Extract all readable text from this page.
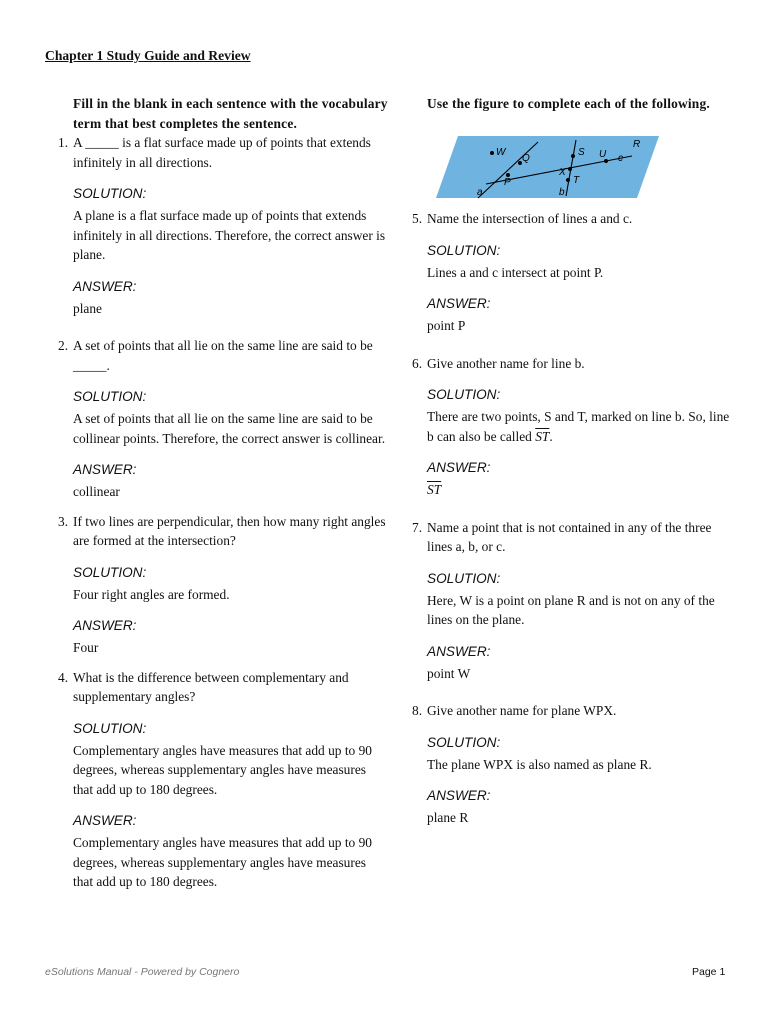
Chapter 1 Study Guide and Review
Fill in the blank in each sentence with the vocabulary term that best completes the sentence.
1. A _____ is a flat surface made up of points that extends infinitely in all directions.
SOLUTION:
A plane is a flat surface made up of points that extends infinitely in all directions. Therefore, the correct answer is plane.
ANSWER:
plane
2. A set of points that all lie on the same line are said to be _____.
SOLUTION:
A set of points that all lie on the same line are said to be collinear points. Therefore, the correct answer is collinear.
ANSWER:
collinear
3. If two lines are perpendicular, then how many right angles are formed at the intersection?
SOLUTION:
Four right angles are formed.
ANSWER:
Four
4. What is the difference between complementary and supplementary angles?
SOLUTION:
Complementary angles have measures that add up to 90 degrees, whereas supplementary angles have measures that add up to 180 degrees.
ANSWER:
Complementary angles have measures that add up to 90 degrees, whereas supplementary angles have measures that add up to 180 degrees.
Use the figure to complete each of the following.
R
W
Q
S U c
X
P	T
a	b
5. Name the intersection of lines a and c.
SOLUTION:
Lines a and c intersect at point P.
ANSWER:
point P
6. Give another name for line b.
SOLUTION:
There are two points, S and T, marked on line b. So, line b can also be called $\overline{ST}$.
ANSWER:
$\overline{ST}$
7. Name a point that is not contained in any of the three lines a, b, or c.
SOLUTION:
Here, W is a point on plane R and is not on any of the lines on the plane.
ANSWER:
point W
8. Give another name for plane WPX.
SOLUTION:
The plane WPX is also named as plane R.
ANSWER:
plane R
eSolutions Manual - Powered by Cognero	Page 1
